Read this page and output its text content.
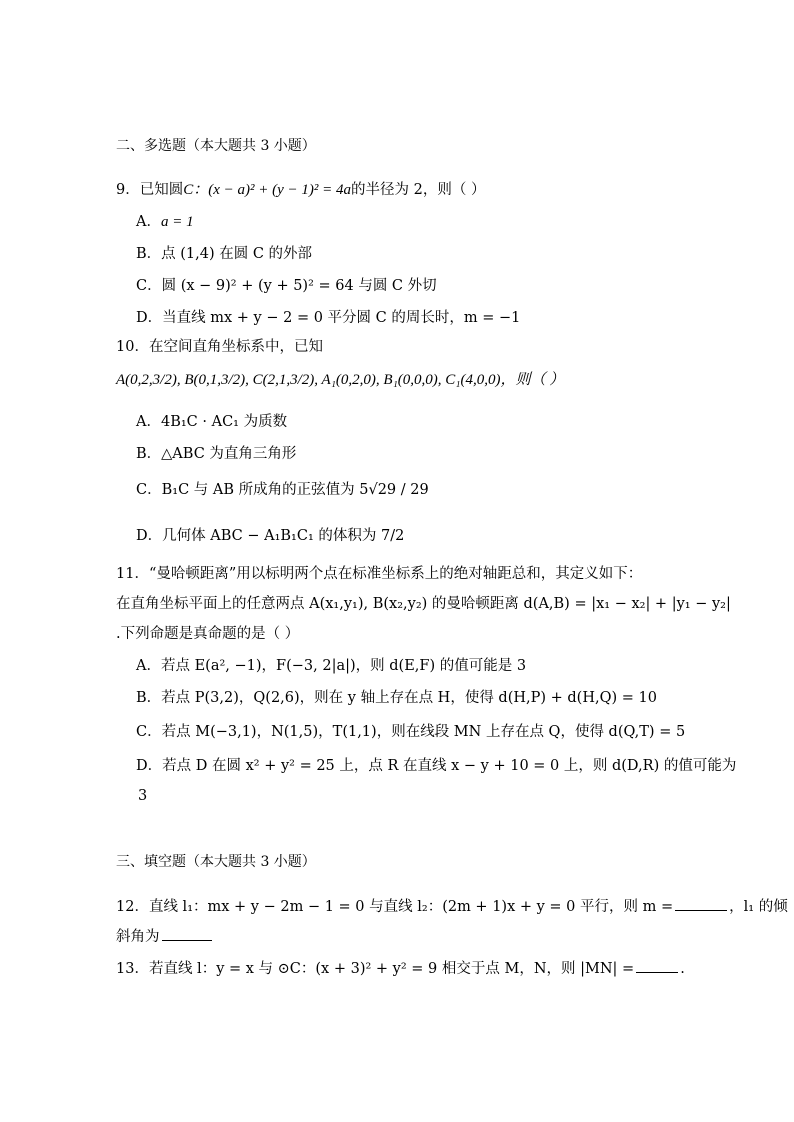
二、多选题（本大题共 3 小题）
9．已知圆C：(x − a)² + (y − 1)² = 4a的半径为 2，则（ ）
A．a = 1
B．点 (1,4) 在圆 C 的外部
C．圆 (x − 9)² + (y + 5)² = 64 与圆 C 外切
D．当直线 mx + y − 2 = 0 平分圆 C 的周长时，m = −1
10．在空间直角坐标系中，已知
A(0,2,3/2), B(0,1,3/2), C(2,1,3/2), A₁(0,2,0), B₁(0,0,0), C₁(4,0,0)，则（ ）
A．4B₁C · AC₁ 为质数
B．△ABC 为直角三角形
C．B₁C 与 AB 所成角的正弦值为 5√29 / 29
D．几何体 ABC − A₁B₁C₁ 的体积为 7/2
11．“曼哈顿距离”用以标明两个点在标准坐标系上的绝对轴距总和，其定义如下：
在直角坐标平面上的任意两点 A(x₁,y₁), B(x₂,y₂) 的曼哈顿距离 d(A,B) = |x₁ − x₂| + |y₁ − y₂|
.下列命题是真命题的是（ ）
A．若点 E(a², −1)，F(−3, 2|a|)，则 d(E,F) 的值可能是 3
B．若点 P(3,2)，Q(2,6)，则在 y 轴上存在点 H，使得 d(H,P) + d(H,Q) = 10
C．若点 M(−3,1)，N(1,5)，T(1,1)，则在线段 MN 上存在点 Q，使得 d(Q,T) = 5
D．若点 D 在圆 x² + y² = 25 上，点 R 在直线 x − y + 10 = 0 上，则 d(D,R) 的值可能为
3
三、填空题（本大题共 3 小题）
12．直线 l₁：mx + y − 2m − 1 = 0 与直线 l₂：(2m + 1)x + y = 0 平行，则 m =	，l₁ 的倾
斜角为
13．若直线 l：y = x 与 ⊙C：(x + 3)² + y² = 9 相交于点 M，N，则 |MN| =	.
